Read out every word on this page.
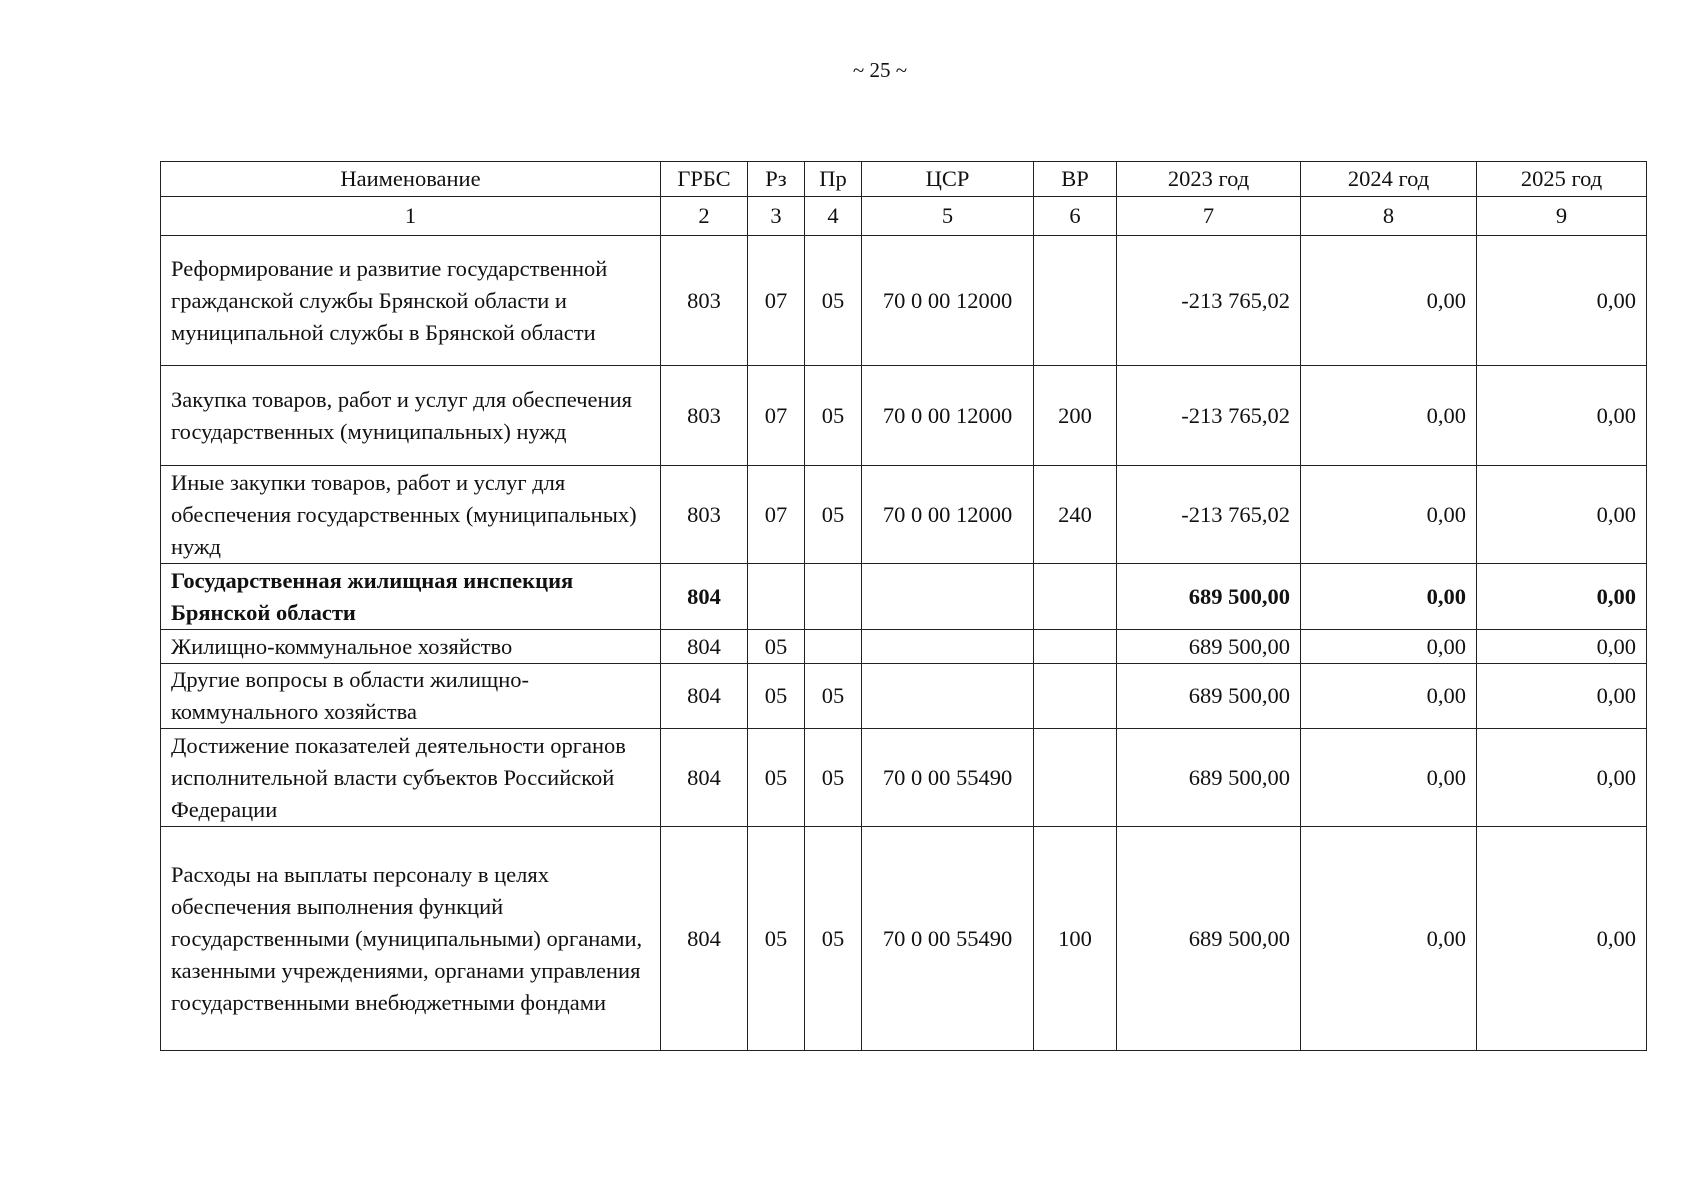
~ 25 ~
Наименование	ГРБС	Рз	Пр	ЦСР	ВР	2023 год	2024 год	2025 год
1	2	3	4	5	6	7	8	9
Реформирование и развитие государственной гражданской службы Брянской области и муниципальной службы в Брянской области	803	07	05	70 0 00 12000		-213 765,02	0,00	0,00
Закупка товаров, работ и услуг для обеспечения государственных (муниципальных) нужд	803	07	05	70 0 00 12000	200	-213 765,02	0,00	0,00
Иные закупки товаров, работ и услуг для обеспечения государственных (муниципальных) нужд	803	07	05	70 0 00 12000	240	-213 765,02	0,00	0,00
Государственная жилищная инспекция Брянской области	804					689 500,00	0,00	0,00
Жилищно-коммунальное хозяйство	804	05				689 500,00	0,00	0,00
Другие вопросы в области жилищно-коммунального хозяйства	804	05	05			689 500,00	0,00	0,00
Достижение показателей деятельности органов исполнительной власти субъектов Российской Федерации	804	05	05	70 0 00 55490		689 500,00	0,00	0,00
Расходы на выплаты персоналу в целях обеспечения выполнения функций государственными (муниципальными) органами, казенными учреждениями, органами управления государственными внебюджетными фондами	804	05	05	70 0 00 55490	100	689 500,00	0,00	0,00
